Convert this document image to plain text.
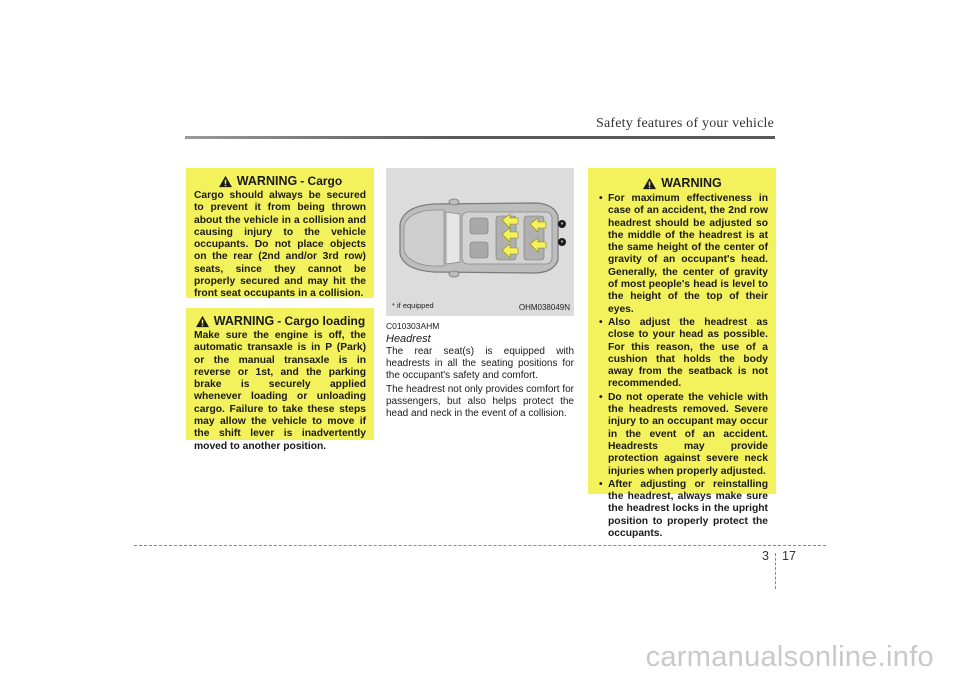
Safety features of your vehicle
WARNING - Cargo
Cargo should always be secured to prevent it from being thrown about the vehicle in a collision and causing injury to the vehicle occupants. Do not place objects on the rear (2nd and/or 3rd row) seats, since they cannot be properly secured and may hit the front seat occupants in a collision.
WARNING - Cargo loading
Make sure the engine is off, the automatic transaxle is in P (Park) or the manual transaxle is in reverse or 1st, and the parking brake is securely applied whenever loading or unloading cargo. Failure to take these steps may allow the vehicle to move if the shift lever is inadvertently moved to another position.
*
*
* if equipped	OHM038049N
C010303AHM
Headrest

The rear seat(s) is equipped with headrests in all the seating positions for the occupant's safety and comfort.

The headrest not only provides comfort for passengers, but also helps protect the head and neck in the event of a collision.

WARNING
• For maximum effectiveness in case of an accident, the 2nd row headrest should be adjusted so the middle of the headrest is at the same height of the center of gravity of an occupant's head. Generally, the center of gravity of most people's head is level to the height of the top of their eyes.
• Also adjust the headrest as close to your head as possible. For this reason, the use of a cushion that holds the body away from the seatback is not recommended.
• Do not operate the vehicle with the headrests removed. Severe injury to an occupant may occur in the event of an accident. Headrests may provide protection against severe neck injuries when properly adjusted.
• After adjusting or reinstalling the headrest, always make sure the headrest locks in the upright position to properly protect the occupants.
3 17
carmanualsonline.info
